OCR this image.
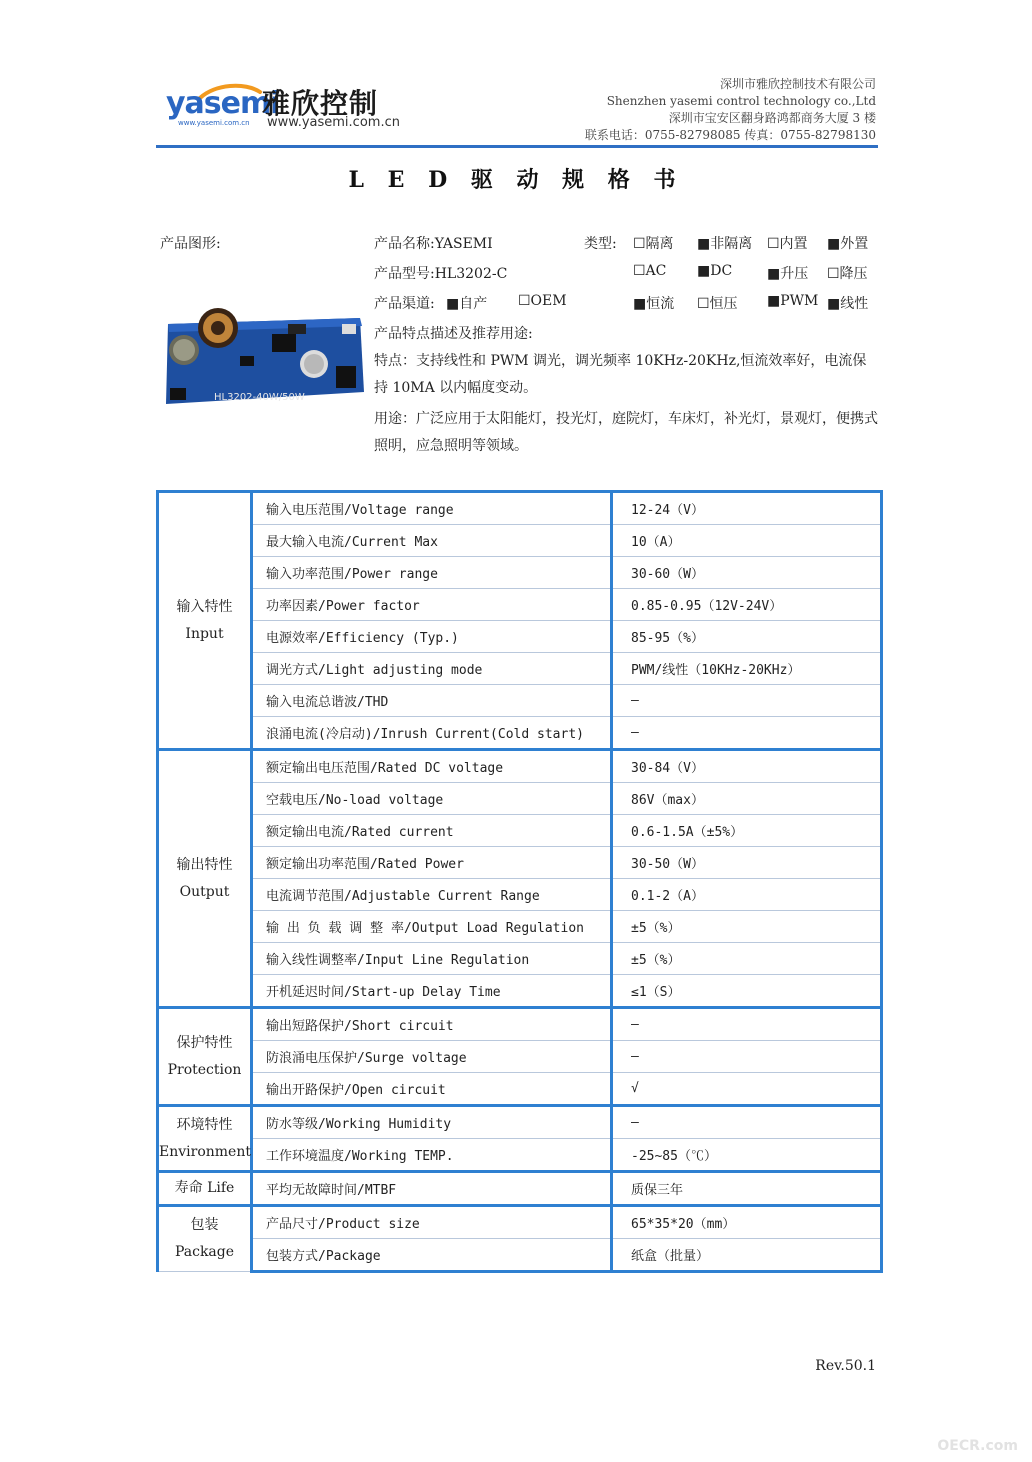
yasemi
www.yasemi.com.cn
雅欣控制
www.yasemi.com.cn
深圳市雅欣控制技术有限公司
Shenzhen yasemi control technology co.,Ltd
深圳市宝安区翻身路鸿都商务大厦 3 楼
联系电话：0755-82798085 传真：0755-82798130
L E D 驱 动 规 格 书
产品图形:	产品名称:YASEMI
产品型号:HL3202-C
产品渠道: ■自产 ☐OEM
类型: ☐隔离 ■非隔离 ☐内置 ■外置
☐AC ■DC ■升压 ☐降压
■恒流 ☐恒压 ■PWM ■线性
产品特点描述及推荐用途:
特点：支持线性和 PWM 调光，调光频率 10KHz-20KHz,恒流效率好，电流保持 10MA 以内幅度变动。
用途：广泛应用于太阳能灯，投光灯，庭院灯，车床灯，补光灯，景观灯，便携式照明，应急照明等领域。
HL3202-40W/50W
输入特性
Input	输入电压范围/Voltage range	12-24（V）
	最大输入电流/Current Max	10（A）
	输入功率范围/Power range	30-60（W）
	功率因素/Power factor	0.85-0.95（12V-24V）
	电源效率/Efficiency (Typ.)	85-95（%）
	调光方式/Light adjusting mode	PWM/线性（10KHz-20KHz）
	输入电流总谐波/THD	—
	浪涌电流(冷启动)/Inrush Current(Cold start)	—

输出特性
Output	额定输出电压范围/Rated DC voltage	30-84（V）
	空载电压/No-load voltage	86V（max）
	额定输出电流/Rated current	0.6-1.5A（±5%）
	额定输出功率范围/Rated Power	30-50（W）
	电流调节范围/Adjustable Current Range	0.1-2（A）
	输 出 负 载 调 整 率/Output Load Regulation	±5（%）
	输入线性调整率/Input Line Regulation	±5（%）
	开机延迟时间/Start-up Delay Time	≤1（S）

保护特性
Protection	输出短路保护/Short circuit	—
	防浪涌电压保护/Surge voltage	—
	输出开路保护/Open circuit	√

环境特性
Environment	防水等级/Working Humidity	—
	工作环境温度/Working TEMP.	-25~85（℃）

寿命 Life	平均无故障时间/MTBF	质保三年

包装
Package	产品尺寸/Product size	65*35*20（mm）
	包装方式/Package	纸盒（批量）
Rev.50.1
OECR.com
